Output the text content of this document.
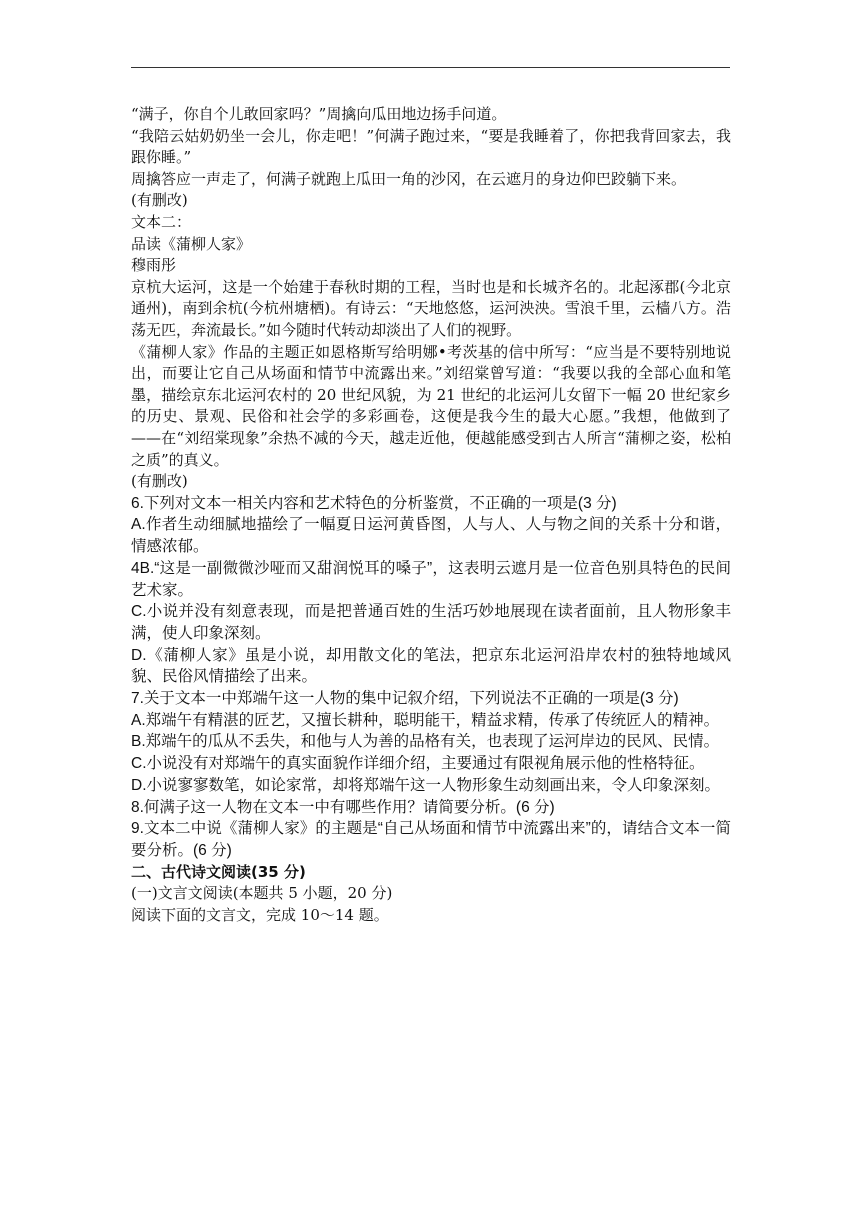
“满子，你自个儿敢回家吗？”周擒向瓜田地边扬手问道。

“我陪云姑奶奶坐一会儿，你走吧！”何满子跑过来，“要是我睡着了，你把我背回家去，我跟你睡。”

周擒答应一声走了，何满子就跑上瓜田一角的沙冈，在云遮月的身边仰巴跤躺下来。

(有删改)

文本二：

品读《蒲柳人家》

穆雨彤

京杭大运河，这是一个始建于春秋时期的工程，当时也是和长城齐名的。北起涿郡(今北京通州)，南到余杭(今杭州塘栖)。有诗云：“天地悠悠，运河泱泱。雪浪千里，云樯八方。浩荡无匹，奔流最长。”如今随时代转动却淡出了人们的视野。

《蒲柳人家》作品的主题正如恩格斯写给明娜•考茨基的信中所写：“应当是不要特别地说出，而要让它自己从场面和情节中流露出来。”刘绍棠曾写道：“我要以我的全部心血和笔墨，描绘京东北运河农村的 20 世纪风貌，为 21 世纪的北运河儿女留下一幅 20 世纪家乡的历史、景观、民俗和社会学的多彩画卷，这便是我今生的最大心愿。”我想，他做到了——在“刘绍棠现象”余热不减的今天，越走近他，便越能感受到古人所言“蒲柳之姿，松柏之质”的真义。

(有删改)

6.下列对文本一相关内容和艺术特色的分析鉴赏，不正确的一项是(3 分)

A.作者生动细腻地描绘了一幅夏日运河黄昏图，人与人、人与物之间的关系十分和谐，情感浓郁。

4B.“这是一副微微沙哑而又甜润悦耳的嗓子”，这表明云遮月是一位音色别具特色的民间艺术家。

C.小说并没有刻意表现，而是把普通百姓的生活巧妙地展现在读者面前，且人物形象丰满，使人印象深刻。

D.《蒲柳人家》虽是小说，却用散文化的笔法，把京东北运河沿岸农村的独特地域风貌、民俗风情描绘了出来。

7.关于文本一中郑端午这一人物的集中记叙介绍，下列说法不正确的一项是(3 分)

A.郑端午有精湛的匠艺，又擅长耕种，聪明能干，精益求精，传承了传统匠人的精神。

B.郑端午的瓜从不丢失，和他与人为善的品格有关，也表现了运河岸边的民风、民情。

C.小说没有对郑端午的真实面貌作详细介绍，主要通过有限视角展示他的性格特征。

D.小说寥寥数笔，如论家常，却将郑端午这一人物形象生动刻画出来，令人印象深刻。

8.何满子这一人物在文本一中有哪些作用？请简要分析。(6 分)

9.文本二中说《蒲柳人家》的主题是“自己从场面和情节中流露出来”的，请结合文本一简要分析。(6 分)

二、古代诗文阅读(35 分)

(一)文言文阅读(本题共 5 小题，20 分)

阅读下面的文言文，完成 10～14 题。
